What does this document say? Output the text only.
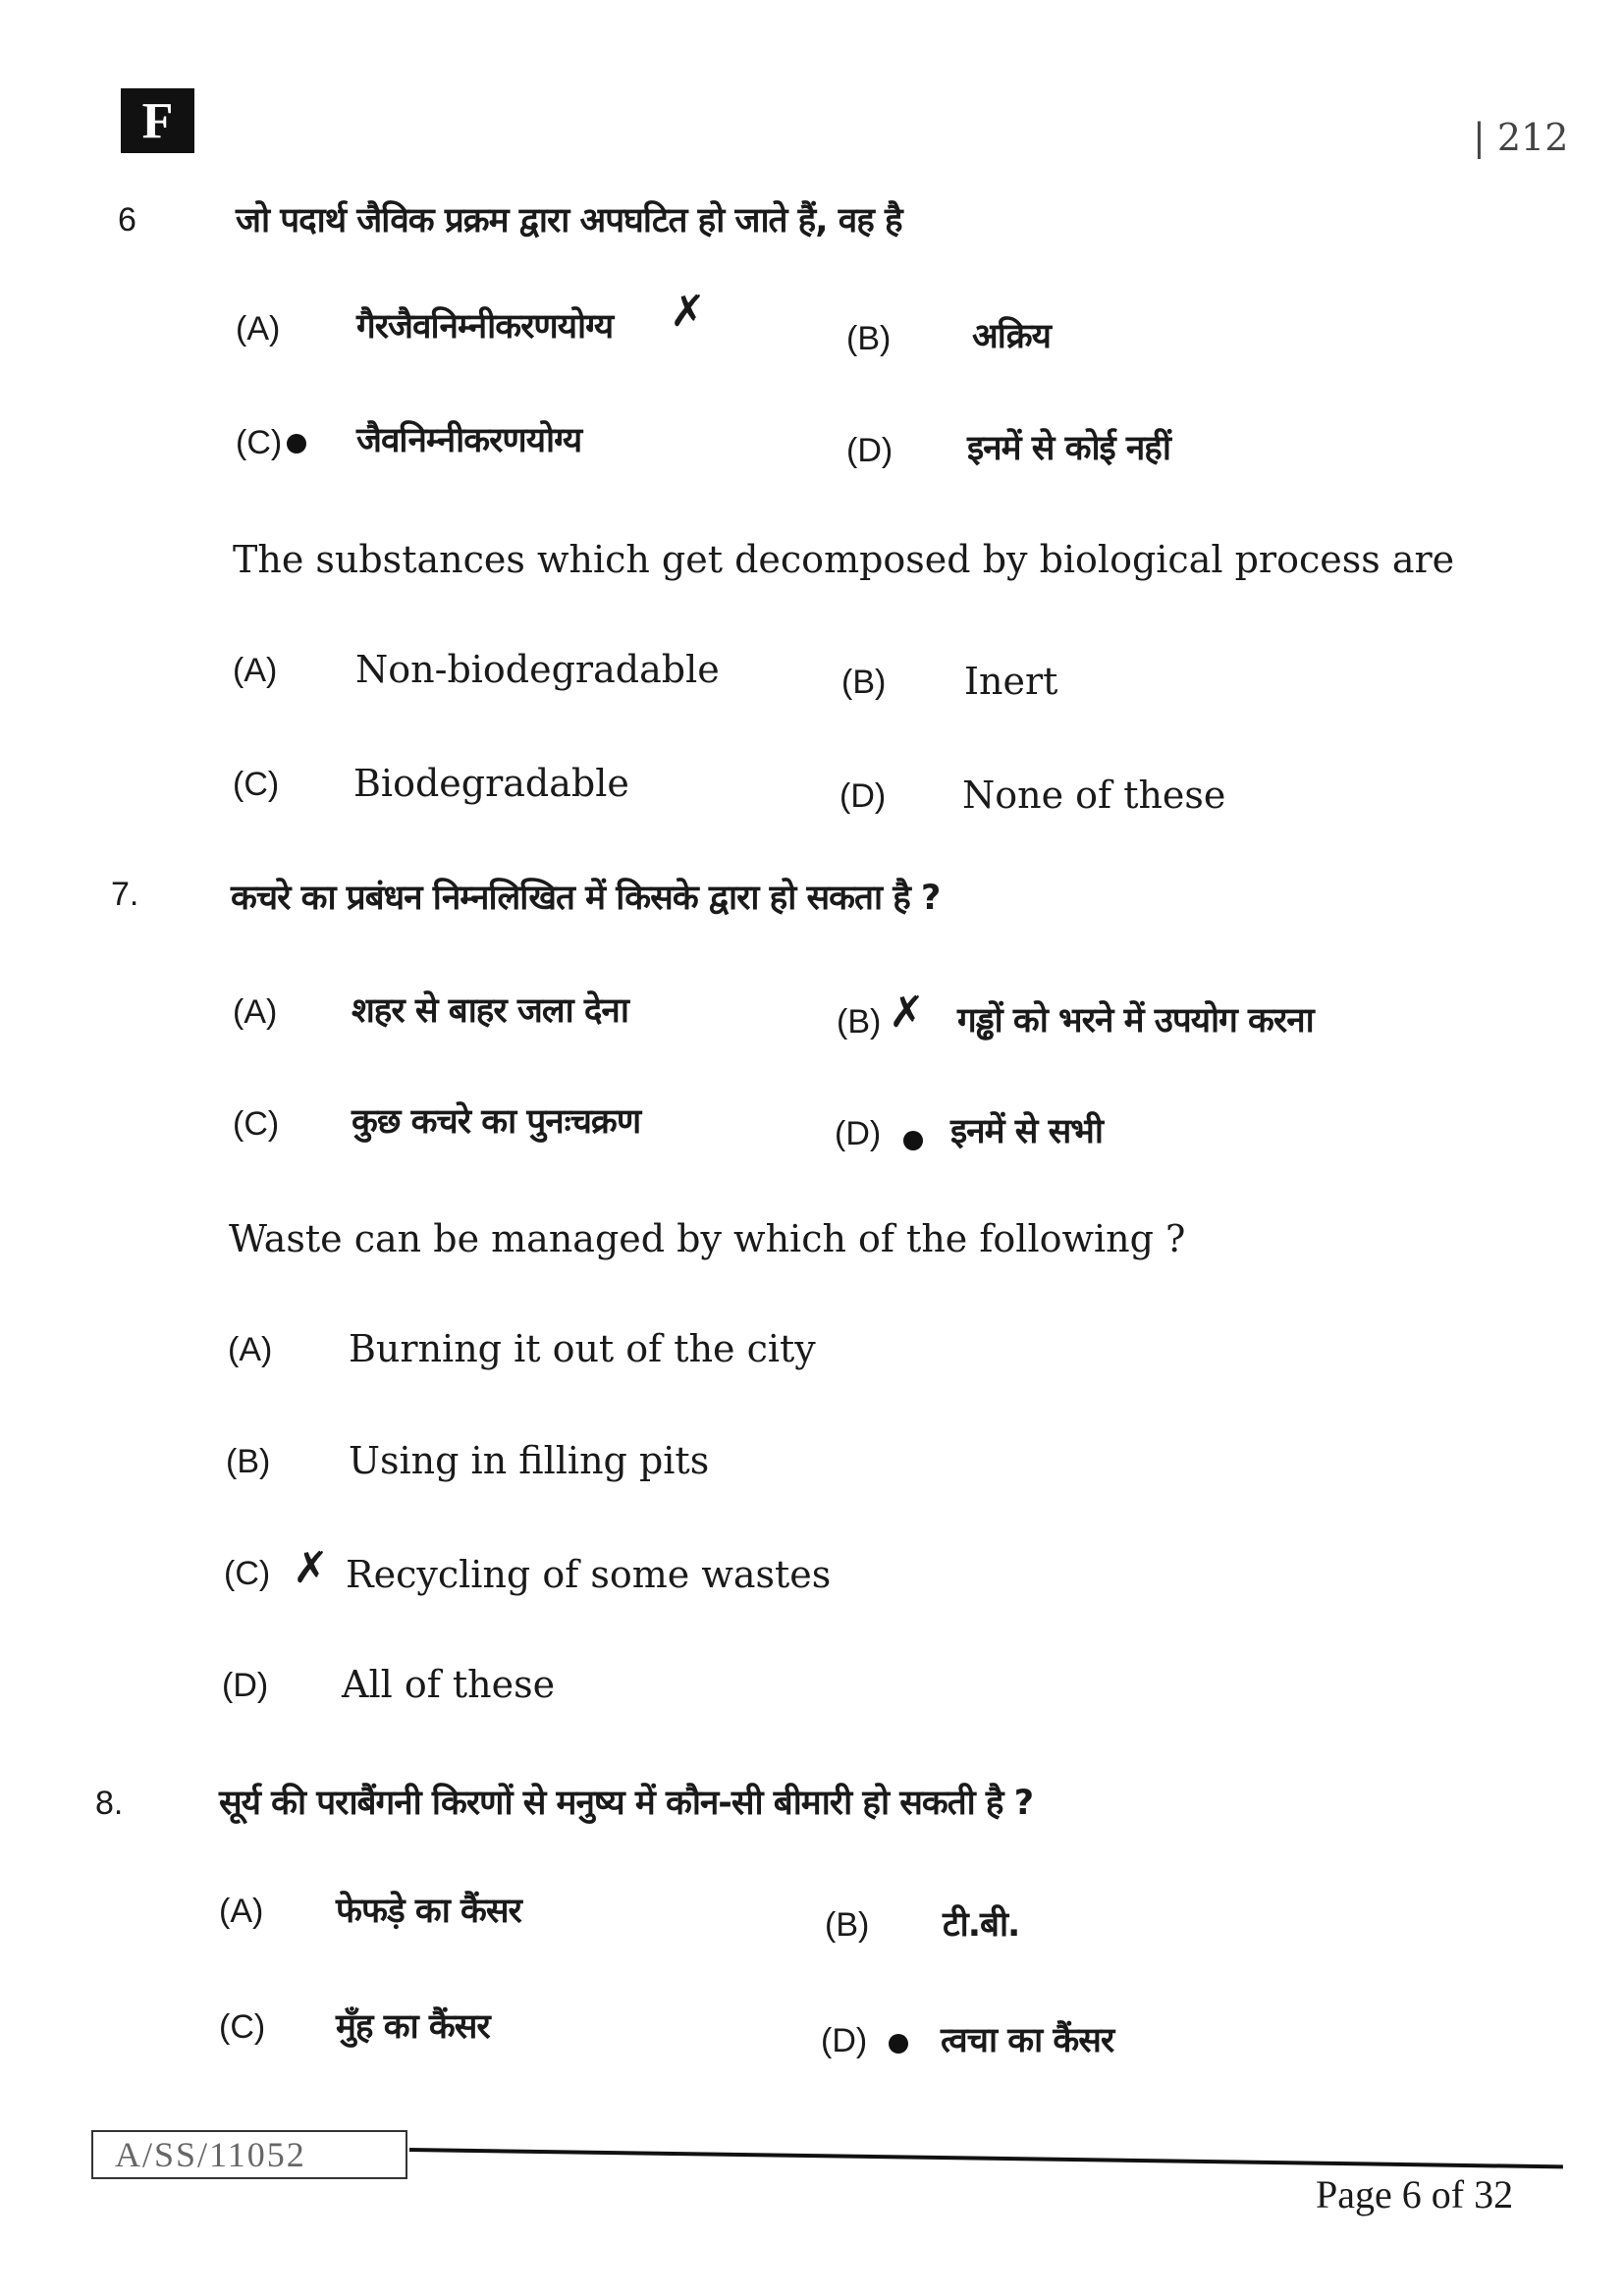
F	| 212
6	जो पदार्थ जैविक प्रक्रम द्वारा अपघटित हो जाते हैं, वह है
(A) गैरजैवनिम्नीकरणयोग्य ✗
(B) अक्रिय
(C) जैवनिम्नीकरणयोग्य	(D) इनमें से कोई नहीं
The substances which get decomposed by biological process are
(A) Non-biodegradable	(B) Inert
(C) Biodegradable	(D) None of these
7.	कचरे का प्रबंधन निम्नलिखित में किसके द्वारा हो सकता है ?
(A) शहर से बाहर जला देना	(B) ✗ गड्ढों को भरने में उपयोग करना
(C) कुछ कचरे का पुनःचक्रण	(D) इनमें से सभी
Waste can be managed by which of the following ?
(A) Burning it out of the city
(B) Using in filling pits
(C) ✗ Recycling of some wastes
(D) All of these
8.	सूर्य की पराबैंगनी किरणों से मनुष्य में कौन-सी बीमारी हो सकती है ?
(A) फेफड़े का कैंसर	(B) टी.बी.
(C) मुँह का कैंसर	(D) त्वचा का कैंसर
A/SS/11052
Page 6 of 32
